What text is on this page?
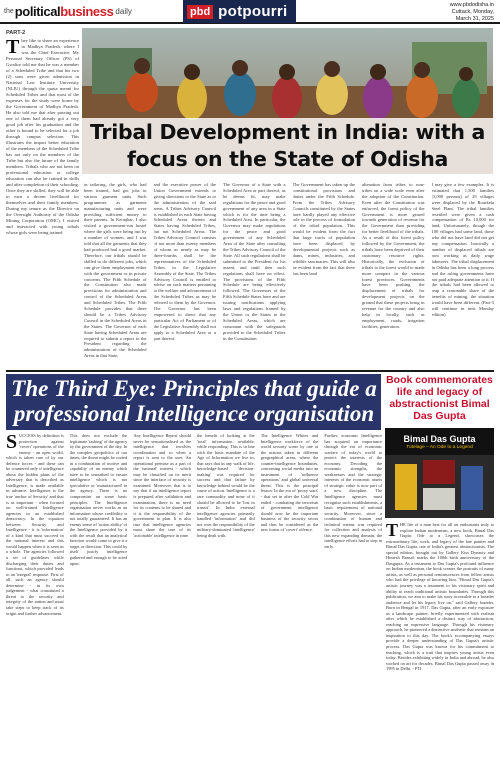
the political business daily	pbd potpourri	www.pbdodisha.in
Cuttack, Monday,
March 31, 2025
PART-2
T hey like to share an experience in Madhya Pradesh, where I was the Chief Executive, My Personal Secretary Officer (PS) of Gwalior told me that he was a member of a Scheduled Tribe and that his two (2) sons were given admission in National Law Institute University (NLIU) through the quota meant for Scheduled Tribes and that most of the expenses for the study were borne by the Government of Madhya Pradesh. He also told me that after passing out one of them had already got a very good job after his graduation and the other is bound to be selected for a job through campus selection. This illustrates the impact better education of the members of the Scheduled Tribe has not only on the members of the Tribe but also the future of the family members. Tribals who are not keen on professional education or college education can also be trained in skills and after completion of their schooling. Once they are skilled, they will be able to earn a decent livelihood for themselves and their family members. During my tenure as the Director on the Oversight Authority of the Odisha Mining Corporation (OMC), I visited and interacted with young tribals whose girls were being trained
Tribal Development in India: with a focus on the State of Odisha
in tailoring, the girls, who had been trained, had got jobs in various garment units. Such programmes as garments manufacturing units and were providing sufficient money to their parents. In Keonjhar, I also visited a government-run hostel where the girls were being run by a number of women, and I was told that all the garments that they had produced had a good market. Therefore, our tribals should be skilled to do different jobs, which can give them employment either with the government or in private concerns. The Fifth Schedule of the Constitution also made provisions for administration and control of the Scheduled Areas and Scheduled Tribes. The Fifth Schedule provides that there should be a Tribes Advisory Council in the Scheduled Areas in the States. The Governor of each State having Scheduled Areas are required to submit a report to the President regarding the administration of the Scheduled Areas in that State,
and the executive power of the Union Government extends to giving directions to the State as to the administration of the said areas. A Tribes Advisory Council is established in each State having Scheduled Areas therein and States having Scheduled Tribes, but not Scheduled Areas. The Tribes Advisory Council consists of not more than twenty members of whom as nearly as may be three-fourths shall be the representatives of the Scheduled Tribes in the Legislative Assembly of the State. The Tribes Advisory Council is entitled to advise on such matters pertaining to the welfare and advancement of the Scheduled Tribes as may be referred to them by the Governor. The Governor has been empowered to direct that any particular Act of Parliament or of the Legislative Assembly shall not apply to a Scheduled Area or a part thereof.
The Governor of a State with a Scheduled Area or part thereof, as he deems fit, may make regulations for the peace and good government of any area in a State which is for the time being a Scheduled Area. In particular, the Governor may make regulations for the peace and good government of any Scheduled Area of the State after consulting the Tribes Advisory Council of the State. All such regulations shall be submitted to the President for his assent, and until then such regulations shall have no effect. The provisions of the Fifth Schedule are being effectively followed. The Governors of the Fifth Schedule States have and are issuing notifications applying laws and regulations framed by the Union or the States to the Scheduled Areas, which are consonant with the safeguards provided to the Scheduled Tribes in the Constitution.
The Government has taken up the constitutional provisions and duties under the Fifth Schedule. From the Tribes Advisory Councils constituted by the States have hardly played any effective role in the process of formulation of the tribal population. This would be evident from the fact that large tracts of population have been displaced by developmental projects such as dams, mines, industries, and wildlife sanctuaries. This will also be evident from the fact that there has been land
alienation from tribes to non-tribes on a wide scale even after the adoption of the Constitution. Even after the Constitution was enforced, the forest policy of the Government is more geared towards generation of revenue for the Government than providing for better livelihood of the tribals. As a result of this forest policy followed by the Government, the tribals have been deprived of their customary resource rights. Historically, the exclusion of tribals to the forest would to made more compact in the various forest provinces. Governments have been pushing the displacement of tribals for development projects on the ground that these projects bring in revenue for the country and also help in locally, such as employment, roads, irrigation facilities, generation.
I may give a few examples. It is estimated that 1,500 families (3,000 persons) of 29 villages were displaced by the Rourkela Steel Plant. The tribal families resettled were given a cash compensation of Rs 10,000 for land, Unfortunately, though the 100 villages had some land, those who did not have land did not get any compensation. Ironically a number of displaced tribals are now working as daily wage labourers. The tribal displacement in Odisha has been a long process and the ruling governments have not paid adequate attention to it. If the tribals had been allowed to reap a reasonable share of the benefits of mining, the situation would have been different. (Part-3 will continue in next Monday edition)
The Third Eye: Principles that guide a professional Intelligence organisation
S UCCESS by definition is protection against 'covert' operations of the enemy - an open world, which is taken care of by our defence forces - and these can be countered only if intelligence about the hidden plans of the adversary that is described as Intelligence, is made available in advance. Intelligence is the true 'anchor of Security' and that is as important - when focused on well-trained Intelligence agencies in an established democracy. In the equation between Security and Intelligence - it is 'information' of a kind that must succeed in the national interest and this would happen when it is seen as a whole. The agencies followed a set of guidelines while discharging their duties and functions, which provided leads to an 'integral' response. First of all, such an agency should determine - in its own judgement - what constituted a threat to the security and integrity of the nation and must take steps to keep track of its origin and further advancement.
This does not exclude the legitimate 'tasking' of the agency by the government of the day. In the complex geopolitics of our times, the threat might be rooted in a combination of motive and capability of an enemy which have to be unearthed to ensure intelligence which is not speculative or 'manufactured' in the agency. There is no compromise on some basic principles. The Intelligence organisation never works as an information whose credibility is not totally guaranteed. It has an enemy sense of 'action ability' of the Intelligence provided by it with the result that an analytical function would come to give it a target or direction. This could by itself justify intelligence gathered and enough to be acted upon.
Any Intelligence Report should never be sensationalised as the intelligence that involves coordination and so when a report is sent to the user. An operational premise as a part of the 'national' interest - which may be classified on its merit since the interface of security is examined. Moreover, that is to say that if an intelligence report is prepared after validation and examination, there is no need for its contents to be shared and it is the responsibility of the government to plan. It is also true that intelligence agencies must share the true of its 'actionable' intelligence in time.
the benefit of looking at the 'total' information available, while responding. This is in line with the basic mandate of the Age of Information we live in, that says that in any walk of life, knowledge-based 'decision-making' was required for success and that failure by knowledge behind would be the cause of action. Intelligence is a rare commodity and none of it should be allowed to be 'lost in transit'. In India external intelligence agencies primarily handled 'information' and did not own the responsibility of the military-dominated 'intelligence' being dealt with.
The Intelligence Whites and Intelligence workforce of the world security scene by one of the actions taken in different geographical areas, where the counter-intelligence boundaries, concerning social media into an instrument of 'influence operations' and global universal threat. This is the principal lesson. In the era of 'proxy wars' - that set in after the Cold War ended - combating the terrorism of government intelligence should now be the important business of the security sector and thus be considered as the new forms of 'covert' offence.
Further, economic Intelligence has acquired an importance through the era of economic warfare of today's world to protect the interests of the economy. Decoding the economic strengths, the weaknesses and the strategic interests of the economic assets of strategic value is now part of a new discipline. The Intelligence agencies must recognise such establishments, a basic requirement of national security. Moreover, since a combination of human and technical means was required for collection and analysis of this new expanding domain, the intelligence efforts had to step in early.
Book commemorates life and legacy of abstractionist Bimal Das Gupta
Bimal Das Gupta
Tutelage – An Ode to a Legend
T HE life of a man best for all art enthusiasts truly to explore Indian modernism, a new book, Bimal Das Gupta: Ode to a Legend, showcases the extraordinary life, work, and legacy of the late painter and Bimal Das Gupta, one of India's greatest abstractionists. The special edition, brought out by Gallery Kiss Dynasty and Himesh Bansal, marks the 100th birth anniversary of the Dasgupta. As a testament to Das Gupta's profound influence on Indian modernism, the book creates the portraits of many artists, as well as personal reminiscences from fellow artists who had the privilege of knowing him. "Bimal Das Gupta's artistic journey was a testament to his visionary spirit and ability to reach traditional artistic boundaries. Through this publication, we aim to make his story accessible to a broader audience and let his legacy live on," said Gallery founder. Born in Bengal in 1917, Das Gupta, after an early exposure as a landscape painter, briefly experimented with realism after which he established a distinct way of abstraction, reaching an expressive language. Through his visionary approach, he pioneered a distinctive aesthetic that remains an inspiration to this day. The book's accompanying essays provide a deeper understanding of Das Gupta's artistic process. Das Gupta was known for his commitment to teaching, which is a trait that inspires young artists even today. Besides exhibiting widely in India and abroad, he also worked on art for decades. Bimal Das Gupta passed away in 1995 in Delhi. - PTI
